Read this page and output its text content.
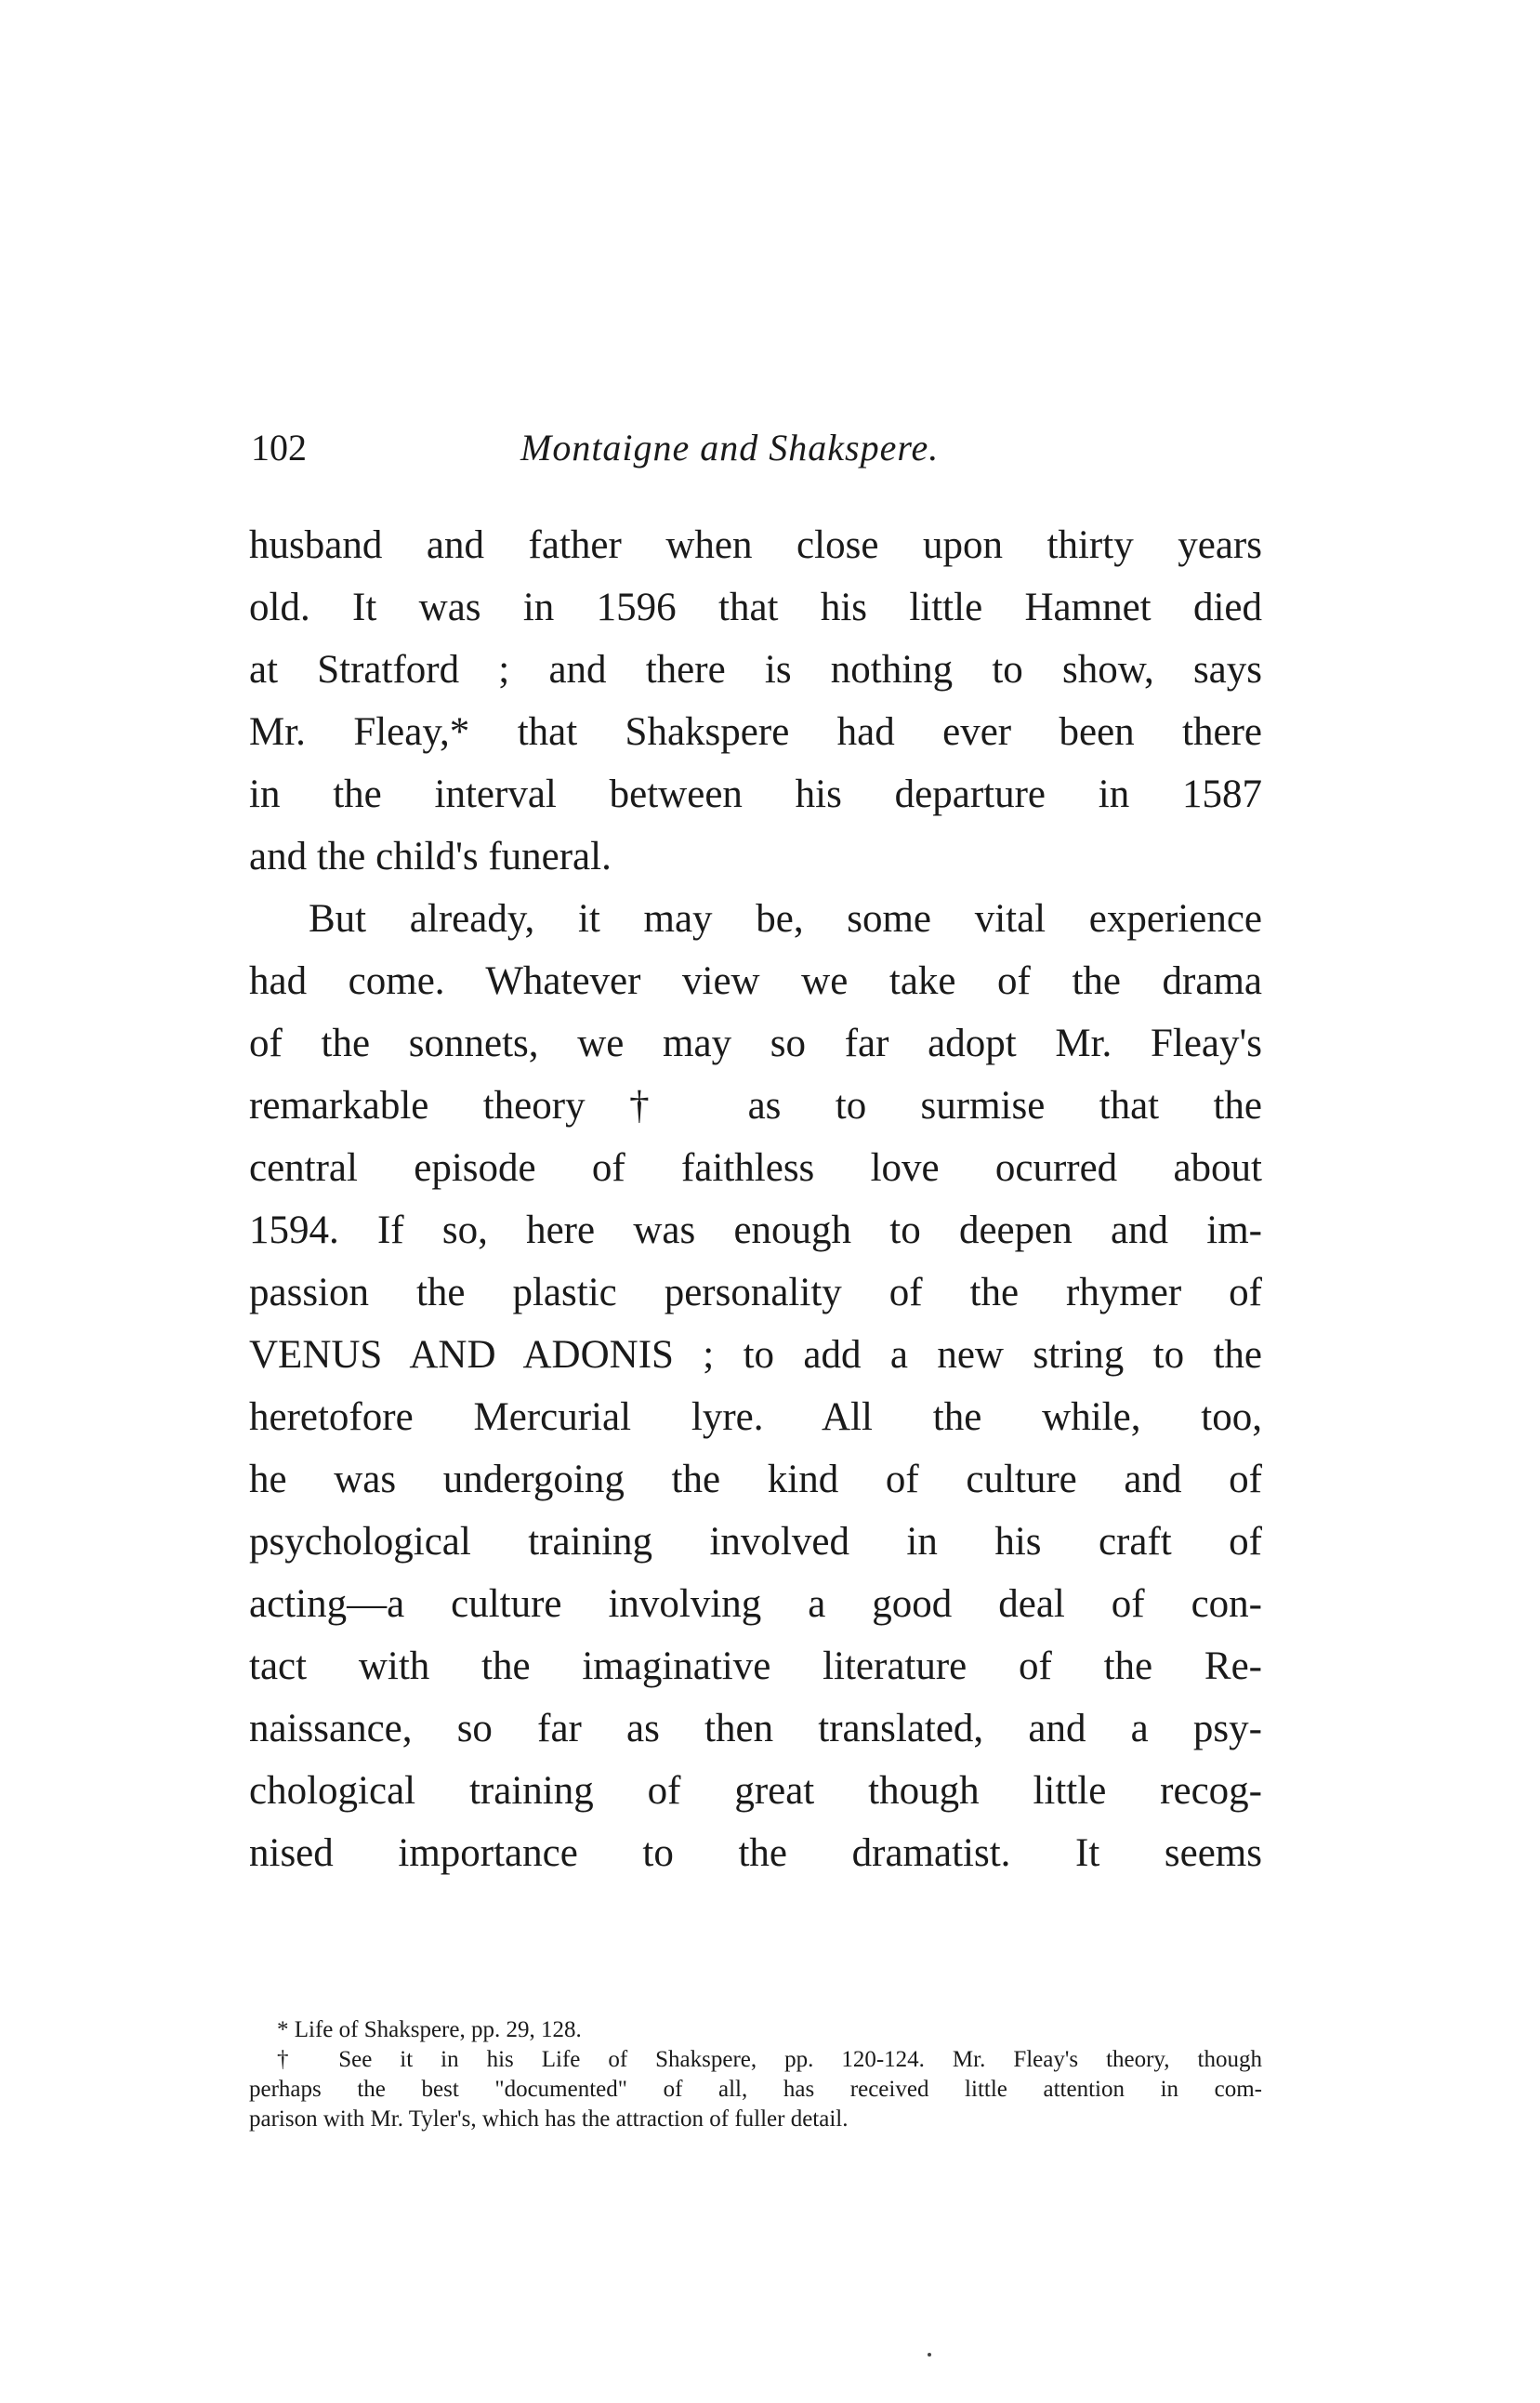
102	Montaigne and Shakspere.
husband and father when close upon thirty years
old. It was in 1596 that his little Hamnet died
at Stratford ; and there is nothing to show, says
Mr. Fleay,* that Shakspere had ever been there
in the interval between his departure in 1587
and the child's funeral.
But already, it may be, some vital experience
had come. Whatever view we take of the drama
of the sonnets, we may so far adopt Mr. Fleay's
remarkable theory† as to surmise that the
central episode of faithless love ocurred about
1594. If so, here was enough to deepen and im-
passion the plastic personality of the rhymer of
VENUS AND ADONIS ; to add a new string to the
heretofore Mercurial lyre. All the while, too,
he was undergoing the kind of culture and of
psychological training involved in his craft of
acting—a culture involving a good deal of con-
tact with the imaginative literature of the Re-
naissance, so far as then translated, and a psy-
chological training of great though little recog-
nised importance to the dramatist. It seems
* Life of Shakspere, pp. 29, 128.
† See it in his Life of Shakspere, pp. 120-124. Mr. Fleay's theory, though
perhaps the best "documented" of all, has received little attention in com-
parison with Mr. Tyler's, which has the attraction of fuller detail.
